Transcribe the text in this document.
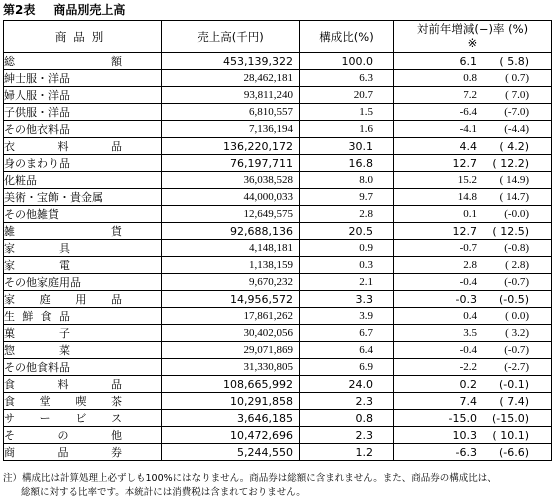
第2表 商品別売上高
商品別	売上高(千円)	構成比(%)	対前年増減(−)率 (%)
※

総 額	453,139,322	100.0	6.1 ( 5.8)

紳士服・洋品	28,462,181	6.3	0.8 ( 0.7)

婦人服・洋品	93,811,240	20.7	7.2 ( 7.0)

子供服・洋品	6,810,557	1.5	-6.4 (-7.0)

その他衣料品	7,136,194	1.6	-4.1 (-4.4)

衣 料 品	136,220,172	30.1	4.4 ( 4.2)

身のまわり品	76,197,711	16.8	12.7 ( 12.2)

化粧品	36,038,528	8.0	15.2 ( 14.9)

美術・宝飾・貴金属	44,000,033	9.7	14.8 ( 14.7)

その他雑貨	12,649,575	2.8	0.1 (-0.0)

雑 貨	92,688,136	20.5	12.7 ( 12.5)

家 具	4,148,181	0.9	-0.7 (-0.8)

家 電	1,138,159	0.3	2.8 ( 2.8)

その他家庭用品	9,670,232	2.1	-0.4 (-0.7)

家 庭 用 品	14,956,572	3.3	-0.3 (-0.5)

生 鮮 食 品	17,861,262	3.9	0.4 ( 0.0)

菓 子	30,402,056	6.7	3.5 ( 3.2)

惣 菜	29,071,869	6.4	-0.4 (-0.7)

その他食料品	31,330,805	6.9	-2.2 (-2.7)

食 料 品	108,665,992	24.0	0.2 (-0.1)

食 堂 喫 茶	10,291,858	2.3	7.4 ( 7.4)

サ ー ビ ス	3,646,185	0.8	-15.0 (-15.0)

そ の 他	10,472,696	2.3	10.3 ( 10.1)

商 品 券	5,244,550	1.2	-6.3 (-6.6)
注）構成比は計算処理上必ずしも100%にはなりません。商品券は総額に含まれません。また、商品券の構成比は、
総額に対する比率です。本統計には消費税は含まれておりません。
